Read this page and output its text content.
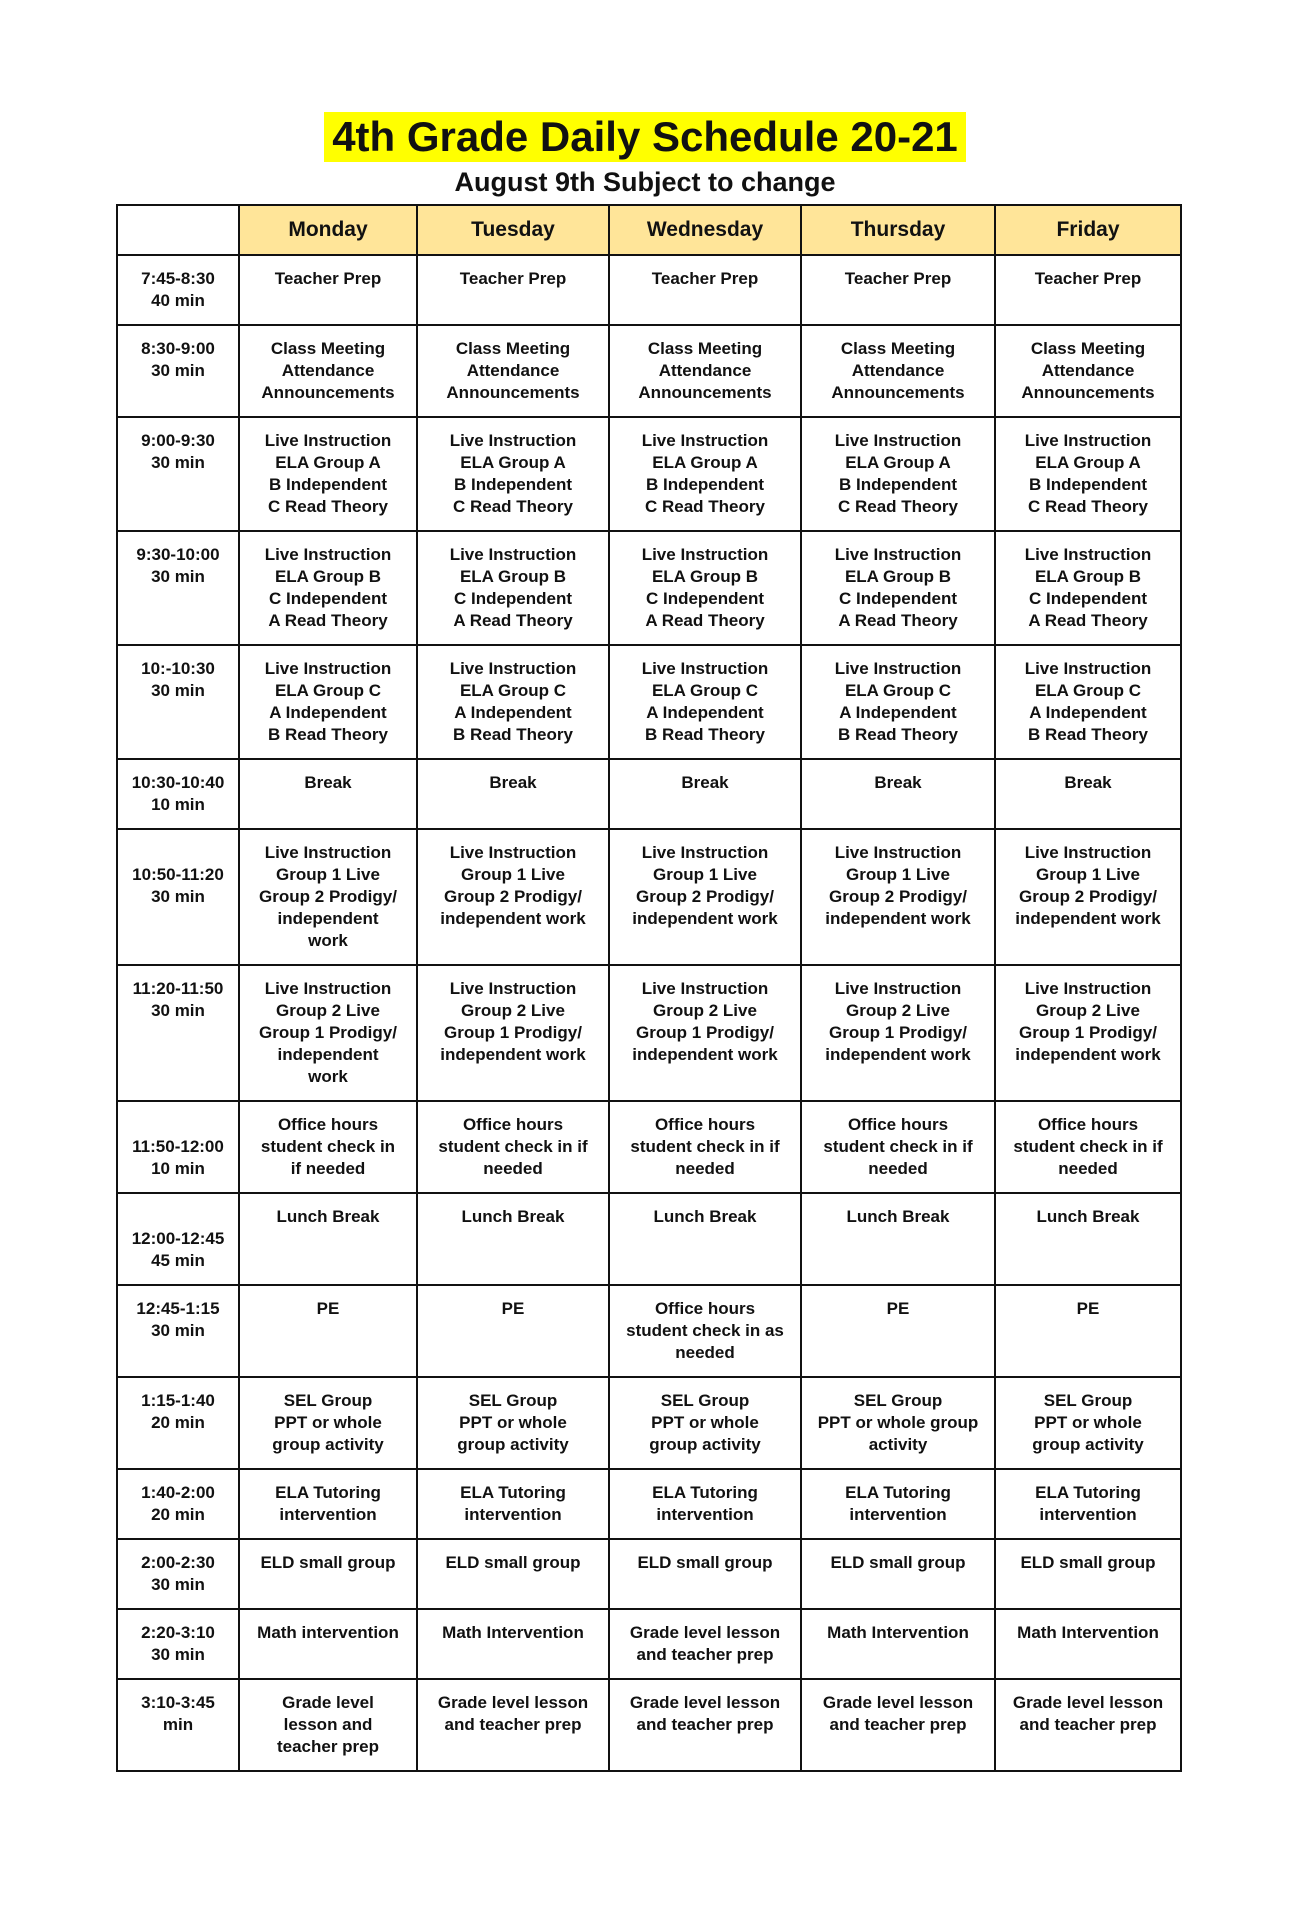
4th Grade Daily Schedule 20-21
August 9th Subject to change
	Monday	Tuesday	Wednesday	Thursday	Friday
7:45-8:30
40 min	Teacher Prep	Teacher Prep	Teacher Prep	Teacher Prep	Teacher Prep
8:30-9:00
30 min	Class Meeting
Attendance
Announcements	Class Meeting
Attendance
Announcements	Class Meeting
Attendance
Announcements	Class Meeting
Attendance
Announcements	Class Meeting
Attendance
Announcements
9:00-9:30
30 min	Live Instruction
ELA Group A
B Independent
C Read Theory	Live Instruction
ELA Group A
B Independent
C Read Theory	Live Instruction
ELA Group A
B Independent
C Read Theory	Live Instruction
ELA Group A
B Independent
C Read Theory	Live Instruction
ELA Group A
B Independent
C Read Theory
9:30-10:00
30 min	Live Instruction
ELA Group B
C Independent
A Read Theory	Live Instruction
ELA Group B
C Independent
A Read Theory	Live Instruction
ELA Group B
C Independent
A Read Theory	Live Instruction
ELA Group B
C Independent
A Read Theory	Live Instruction
ELA Group B
C Independent
A Read Theory
10:-10:30
30 min	Live Instruction
ELA Group C
A Independent
B Read Theory	Live Instruction
ELA Group C
A Independent
B Read Theory	Live Instruction
ELA Group C
A Independent
B Read Theory	Live Instruction
ELA Group C
A Independent
B Read Theory	Live Instruction
ELA Group C
A Independent
B Read Theory
10:30-10:40
10 min	Break	Break	Break	Break	Break

10:50-11:20
30 min	Live Instruction
Group 1 Live
Group 2 Prodigy/
independent
work	Live Instruction
Group 1 Live
Group 2 Prodigy/
independent work	Live Instruction
Group 1 Live
Group 2 Prodigy/
independent work	Live Instruction
Group 1 Live
Group 2 Prodigy/
independent work	Live Instruction
Group 1 Live
Group 2 Prodigy/
independent work
11:20-11:50
30 min	Live Instruction
Group 2 Live
Group 1 Prodigy/
independent
work	Live Instruction
Group 2 Live
Group 1 Prodigy/
independent work	Live Instruction
Group 2 Live
Group 1 Prodigy/
independent work	Live Instruction
Group 2 Live
Group 1 Prodigy/
independent work	Live Instruction
Group 2 Live
Group 1 Prodigy/
independent work

11:50-12:00
10 min	Office hours
student check in
if needed	Office hours
student check in if
needed	Office hours
student check in if
needed	Office hours
student check in if
needed	Office hours
student check in if
needed

12:00-12:45
45 min	Lunch Break	Lunch Break	Lunch Break	Lunch Break	Lunch Break
12:45-1:15
30 min	PE	PE	Office hours
student check in as
needed	PE	PE
1:15-1:40
20 min	SEL Group
PPT or whole
group activity	SEL Group
PPT or whole
group activity	SEL Group
PPT or whole
group activity	SEL Group
PPT or whole group
activity	SEL Group
PPT or whole
group activity
1:40-2:00
20 min	ELA Tutoring
intervention	ELA Tutoring
intervention	ELA Tutoring
intervention	ELA Tutoring
intervention	ELA Tutoring
intervention
2:00-2:30
30 min	ELD small group	ELD small group	ELD small group	ELD small group	ELD small group
2:20-3:10
30 min	Math intervention	Math Intervention	Grade level lesson
and teacher prep	Math Intervention	Math Intervention
3:10-3:45
min	Grade level
lesson and
teacher prep	Grade level lesson
and teacher prep	Grade level lesson
and teacher prep	Grade level lesson
and teacher prep	Grade level lesson
and teacher prep
